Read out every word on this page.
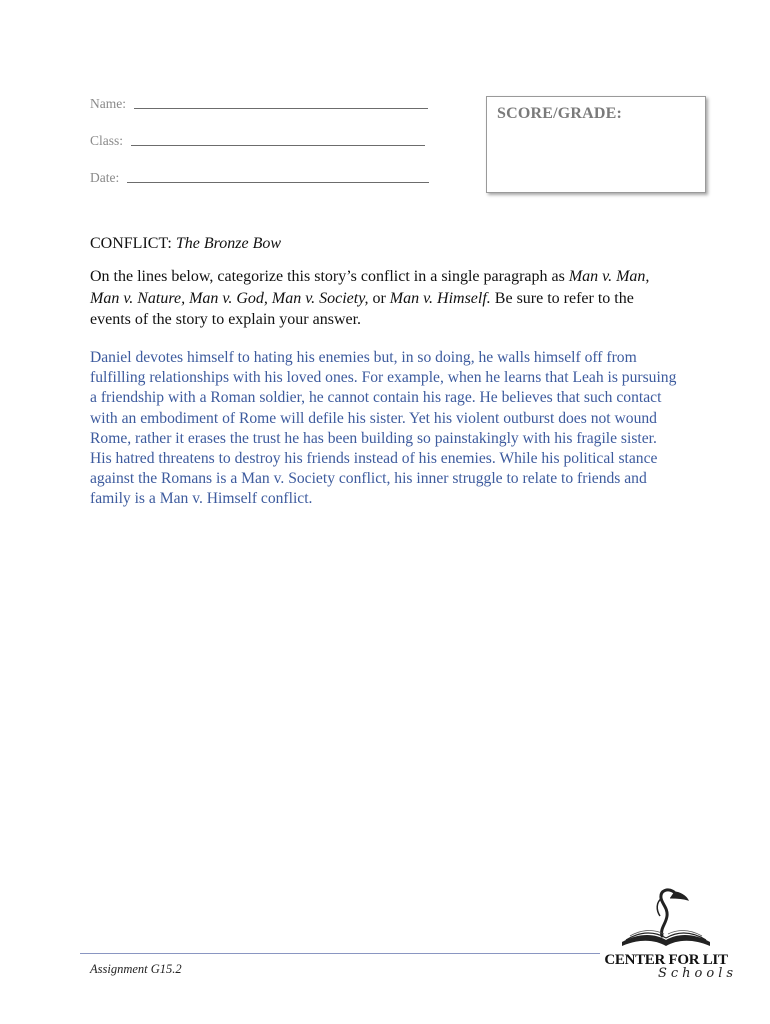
Name:
Class:
Date:
SCORE/GRADE:
CONFLICT: The Bronze Bow
On the lines below, categorize this story’s conflict in a single paragraph as Man v. Man, Man v. Nature, Man v. God, Man v. Society, or Man v. Himself. Be sure to refer to the events of the story to explain your answer.
Daniel devotes himself to hating his enemies but, in so doing, he walls himself off from fulfilling relationships with his loved ones. For example, when he learns that Leah is pursuing a friendship with a Roman soldier, he cannot contain his rage. He believes that such contact with an embodiment of Rome will defile his sister. Yet his violent outburst does not wound Rome, rather it erases the trust he has been building so painstakingly with his fragile sister. His hatred threatens to destroy his friends instead of his enemies. While his political stance against the Romans is a Man v. Society conflict, his inner struggle to relate to friends and family is a Man v. Himself conflict.
Assignment G15.2
CENTER FOR LIT
Schools
